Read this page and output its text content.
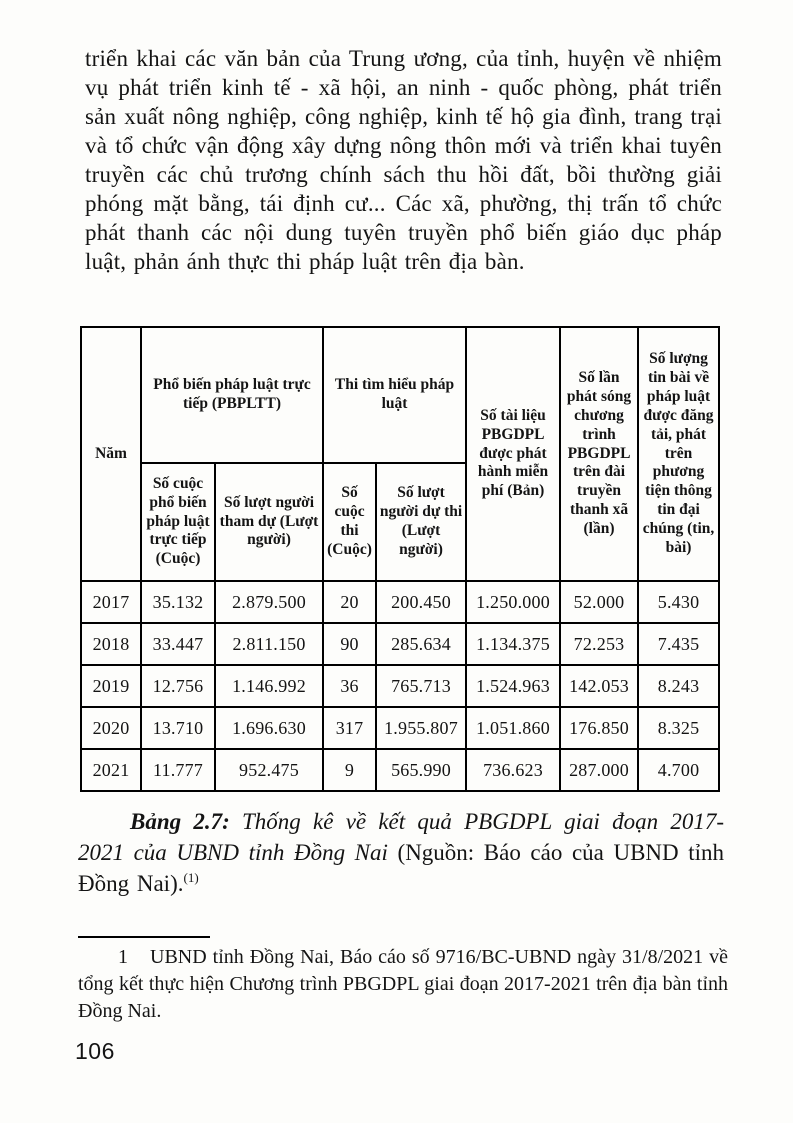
triển khai các văn bản của Trung ương, của tỉnh, huyện về nhiệm vụ phát triển kinh tế - xã hội, an ninh - quốc phòng, phát triển sản xuất nông nghiệp, công nghiệp, kinh tế hộ gia đình, trang trại và tổ chức vận động xây dựng nông thôn mới và triển khai tuyên truyền các chủ trương chính sách thu hồi đất, bồi thường giải phóng mặt bằng, tái định cư... Các xã, phường, thị trấn tổ chức phát thanh các nội dung tuyên truyền phổ biến giáo dục pháp luật, phản ánh thực thi pháp luật trên địa bàn.

Năm	Phổ biến pháp luật trực tiếp (PBPLTT)		Thi tìm hiểu pháp luật		Số tài liệu PBGDPL được phát hành miễn phí (Bản)	Số lần phát sóng chương trình PBGDPL trên đài truyền thanh xã (lần)	Số lượng tin bài về pháp luật được đăng tải, phát trên phương tiện thông tin đại chúng (tin, bài)
	Số cuộc phổ biến pháp luật trực tiếp (Cuộc)	Số lượt người tham dự (Lượt người)	Số cuộc thi (Cuộc)	Số lượt người dự thi (Lượt người)			
2017	35.132	2.879.500	20	200.450	1.250.000	52.000	5.430
2018	33.447	2.811.150	90	285.634	1.134.375	72.253	7.435
2019	12.756	1.146.992	36	765.713	1.524.963	142.053	8.243
2020	13.710	1.696.630	317	1.955.807	1.051.860	176.850	8.325
2021	11.777	952.475	9	565.990	736.623	287.000	4.700

Bảng 2.7: Thống kê về kết quả PBGDPL giai đoạn 2017-2021 của UBND tỉnh Đồng Nai (Nguồn: Báo cáo của UBND tỉnh Đồng Nai).$^{(1)}$

1 UBND tỉnh Đồng Nai, Báo cáo số 9716/BC-UBND ngày 31/8/2021 về tổng kết thực hiện Chương trình PBGDPL giai đoạn 2017-2021 trên địa bàn tỉnh Đồng Nai.

106
